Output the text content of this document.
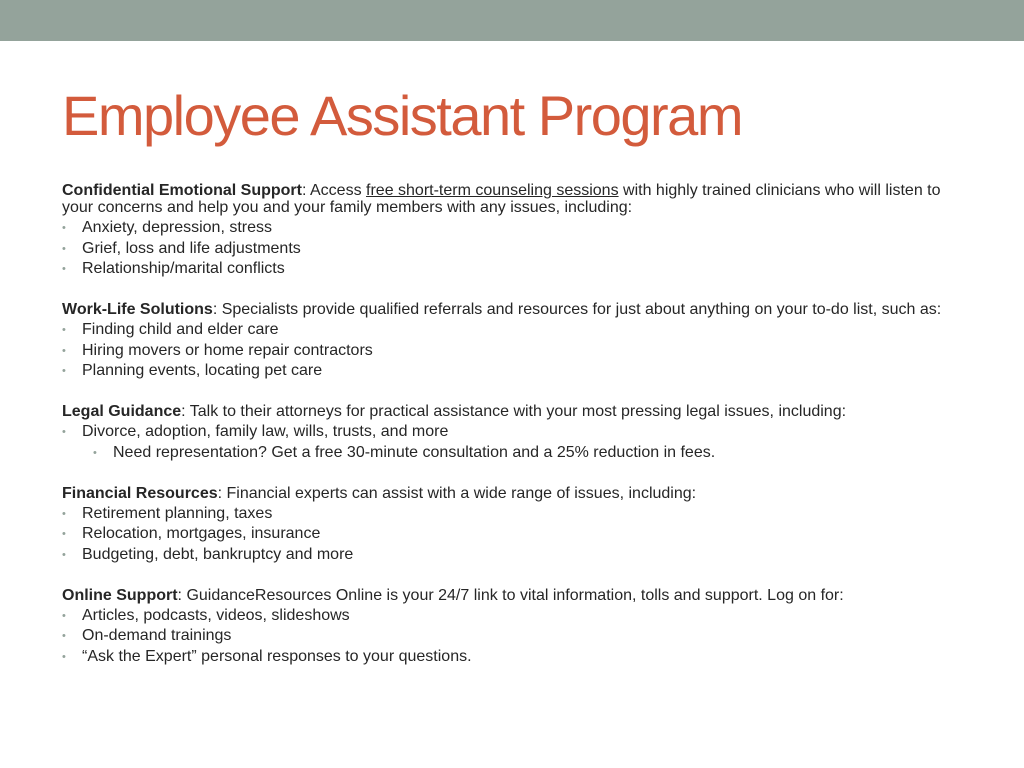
Employee Assistant Program

Confidential Emotional Support: Access free short-term counseling sessions with highly trained clinicians who will listen to your concerns and help you and your family members with any issues, including:

•	Anxiety, depression, stress
•	Grief, loss and life adjustments
•	Relationship/marital conflicts

Work-Life Solutions: Specialists provide qualified referrals and resources for just about anything on your to-do list, such as:

•	Finding child and elder care
•	Hiring movers or home repair contractors
•	Planning events, locating pet care

Legal Guidance: Talk to their attorneys for practical assistance with your most pressing legal issues, including:

•	Divorce, adoption, family law, wills, trusts, and more
•	Need representation? Get a free 30-minute consultation and a 25% reduction in fees.

Financial Resources: Financial experts can assist with a wide range of issues, including:

•	Retirement planning, taxes
•	Relocation, mortgages, insurance
•	Budgeting, debt, bankruptcy and more

Online Support: GuidanceResources Online is your 24/7 link to vital information, tolls and support. Log on for:

•	Articles, podcasts, videos, slideshows
•	On-demand trainings
•	“Ask the Expert” personal responses to your questions.
